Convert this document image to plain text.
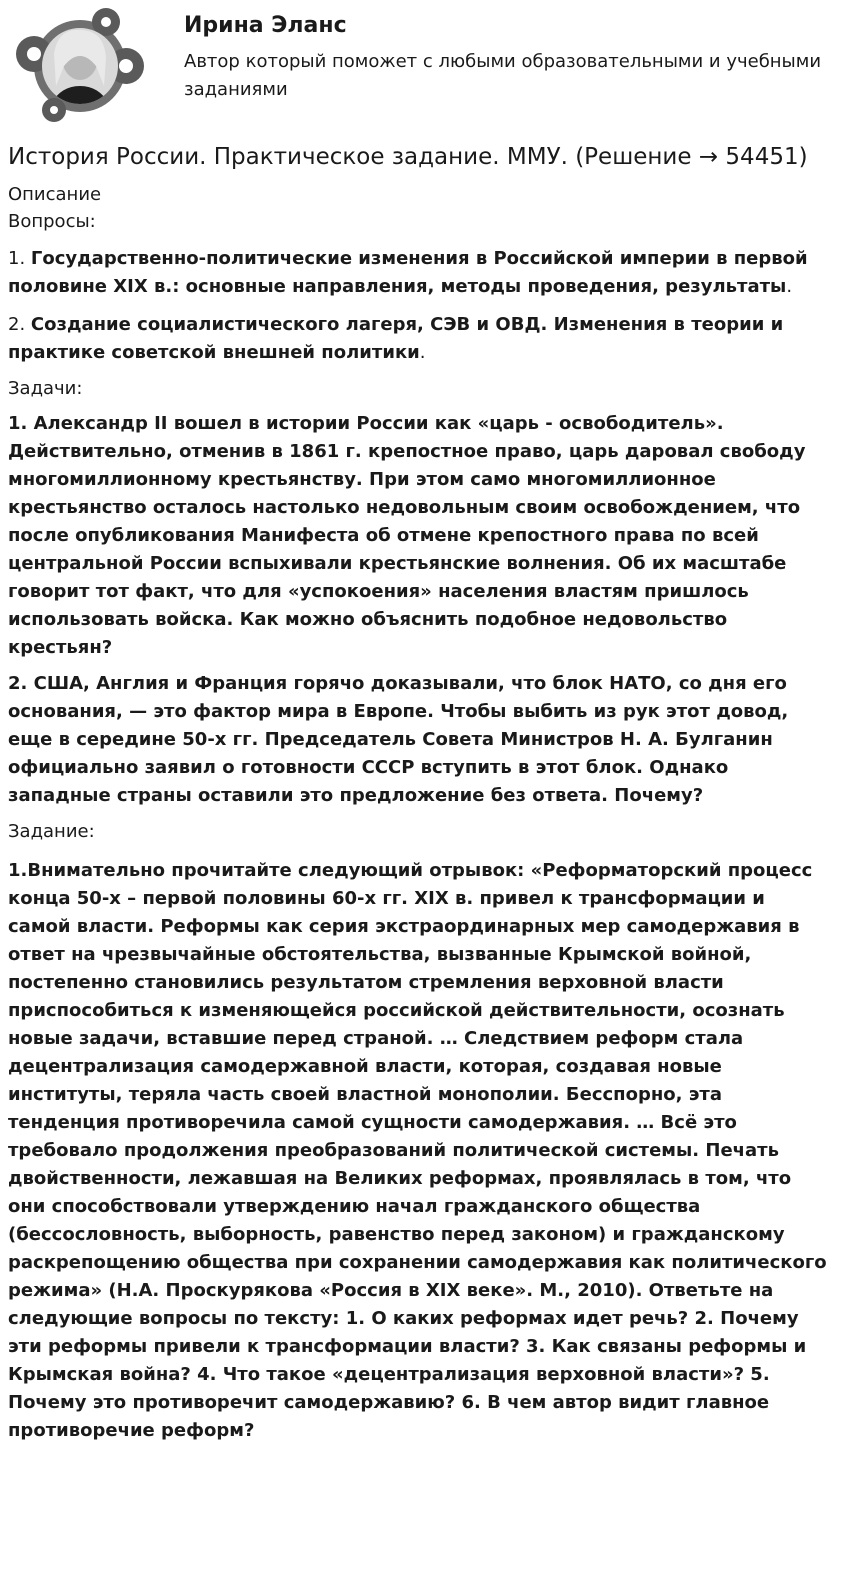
Ирина Эланс
Автор который поможет с любыми образовательными и учебными заданиями
История России. Практическое задание. ММУ. (Решение → 54451)
Описание
Вопросы:
1. Государственно-политические изменения в Российской империи в первой половине XIX в.: основные направления, методы проведения, результаты.
2. Создание социалистического лагеря, СЭВ и ОВД. Изменения в теории и практике советской внешней политики.
Задачи:
1. Александр II вошел в истории России как «царь - освободитель». Действительно, отменив в 1861 г. крепостное право, царь даровал свободу многомиллионному крестьянству. При этом само многомиллионное крестьянство осталось настолько недовольным своим освобождением, что после опубликования Манифеста об отмене крепостного права по всей центральной России вспыхивали крестьянские волнения. Об их масштабе говорит тот факт, что для «успокоения» населения властям пришлось использовать войска. Как можно объяснить подобное недовольство крестьян?
2. США, Англия и Франция горячо доказывали, что блок НАТО, со дня его основания, — это фактор мира в Европе. Чтобы выбить из рук этот довод, еще в середине 50-х гг. Председатель Совета Министров Н. А. Булганин официально заявил о готовности СССР вступить в этот блок. Однако западные страны оставили это предложение без ответа. Почему?
Задание:
1.Внимательно прочитайте следующий отрывок: «Реформаторский процесс конца 50-х – первой половины 60-х гг. XIX в. привел к трансформации и самой власти. Реформы как серия экстраординарных мер самодержавия в ответ на чрезвычайные обстоятельства, вызванные Крымской войной, постепенно становились результатом стремления верховной власти приспособиться к изменяющейся российской действительности, осознать новые задачи, вставшие перед страной. … Следствием реформ стала децентрализация самодержавной власти, которая, создавая новые институты, теряла часть своей властной монополии. Бесспорно, эта тенденция противоречила самой сущности самодержавия. … Всё это требовало продолжения преобразований политической системы. Печать двойственности, лежавшая на Великих реформах, проявлялась в том, что они способствовали утверждению начал гражданского общества (бессословность, выборность, равенство перед законом) и гражданскому раскрепощению общества при сохранении самодержавия как политического режима» (Н.А. Проскурякова «Россия в XIX веке». М., 2010). Ответьте на следующие вопросы по тексту: 1. О каких реформах идет речь? 2. Почему эти реформы привели к трансформации власти? 3. Как связаны реформы и Крымская война? 4. Что такое «децентрализация верховной власти»? 5. Почему это противоречит самодержавию? 6. В чем автор видит главное противоречие реформ?
